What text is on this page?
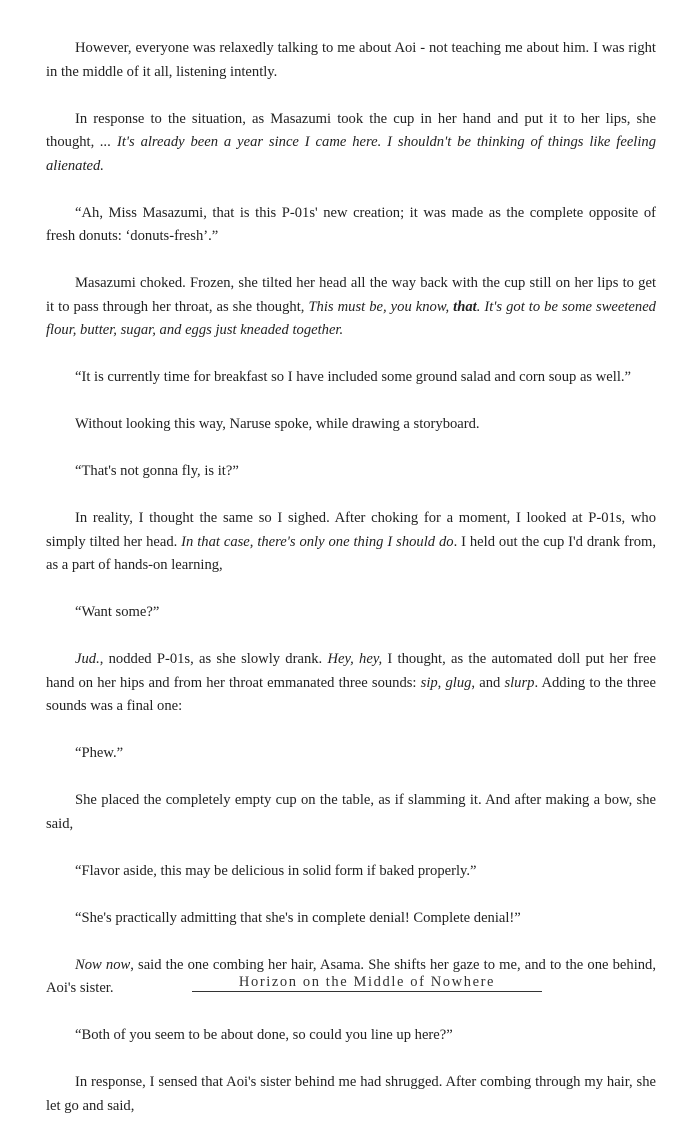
However, everyone was relaxedly talking to me about Aoi - not teaching me about him. I was right in the middle of it all, listening intently.

In response to the situation, as Masazumi took the cup in her hand and put it to her lips, she thought, ... It's already been a year since I came here. I shouldn't be thinking of things like feeling alienated.

“Ah, Miss Masazumi, that is this P-01s' new creation; it was made as the complete opposite of fresh donuts: ‘donuts-fresh’.”

Masazumi choked. Frozen, she tilted her head all the way back with the cup still on her lips to get it to pass through her throat, as she thought, This must be, you know, that. It's got to be some sweetened flour, butter, sugar, and eggs just kneaded together.

“It is currently time for breakfast so I have included some ground salad and corn soup as well.”

Without looking this way, Naruse spoke, while drawing a storyboard.

“That's not gonna fly, is it?”

In reality, I thought the same so I sighed. After choking for a moment, I looked at P-01s, who simply tilted her head. In that case, there's only one thing I should do. I held out the cup I'd drank from, as a part of hands-on learning,

“Want some?”

Jud., nodded P-01s, as she slowly drank. Hey, hey, I thought, as the automated doll put her free hand on her hips and from her throat emmanated three sounds: sip, glug, and slurp. Adding to the three sounds was a final one:

“Phew.”

She placed the completely empty cup on the table, as if slamming it. And after making a bow, she said,

“Flavor aside, this may be delicious in solid form if baked properly.”

“She's practically admitting that she's in complete denial! Complete denial!”

Now now, said the one combing her hair, Asama. She shifts her gaze to me, and to the one behind, Aoi's sister.

“Both of you seem to be about done, so could you line up here?”

In response, I sensed that Aoi's sister behind me had shrugged. After combing through my hair, she let go and said,

Horizon on the Middle of Nowhere
